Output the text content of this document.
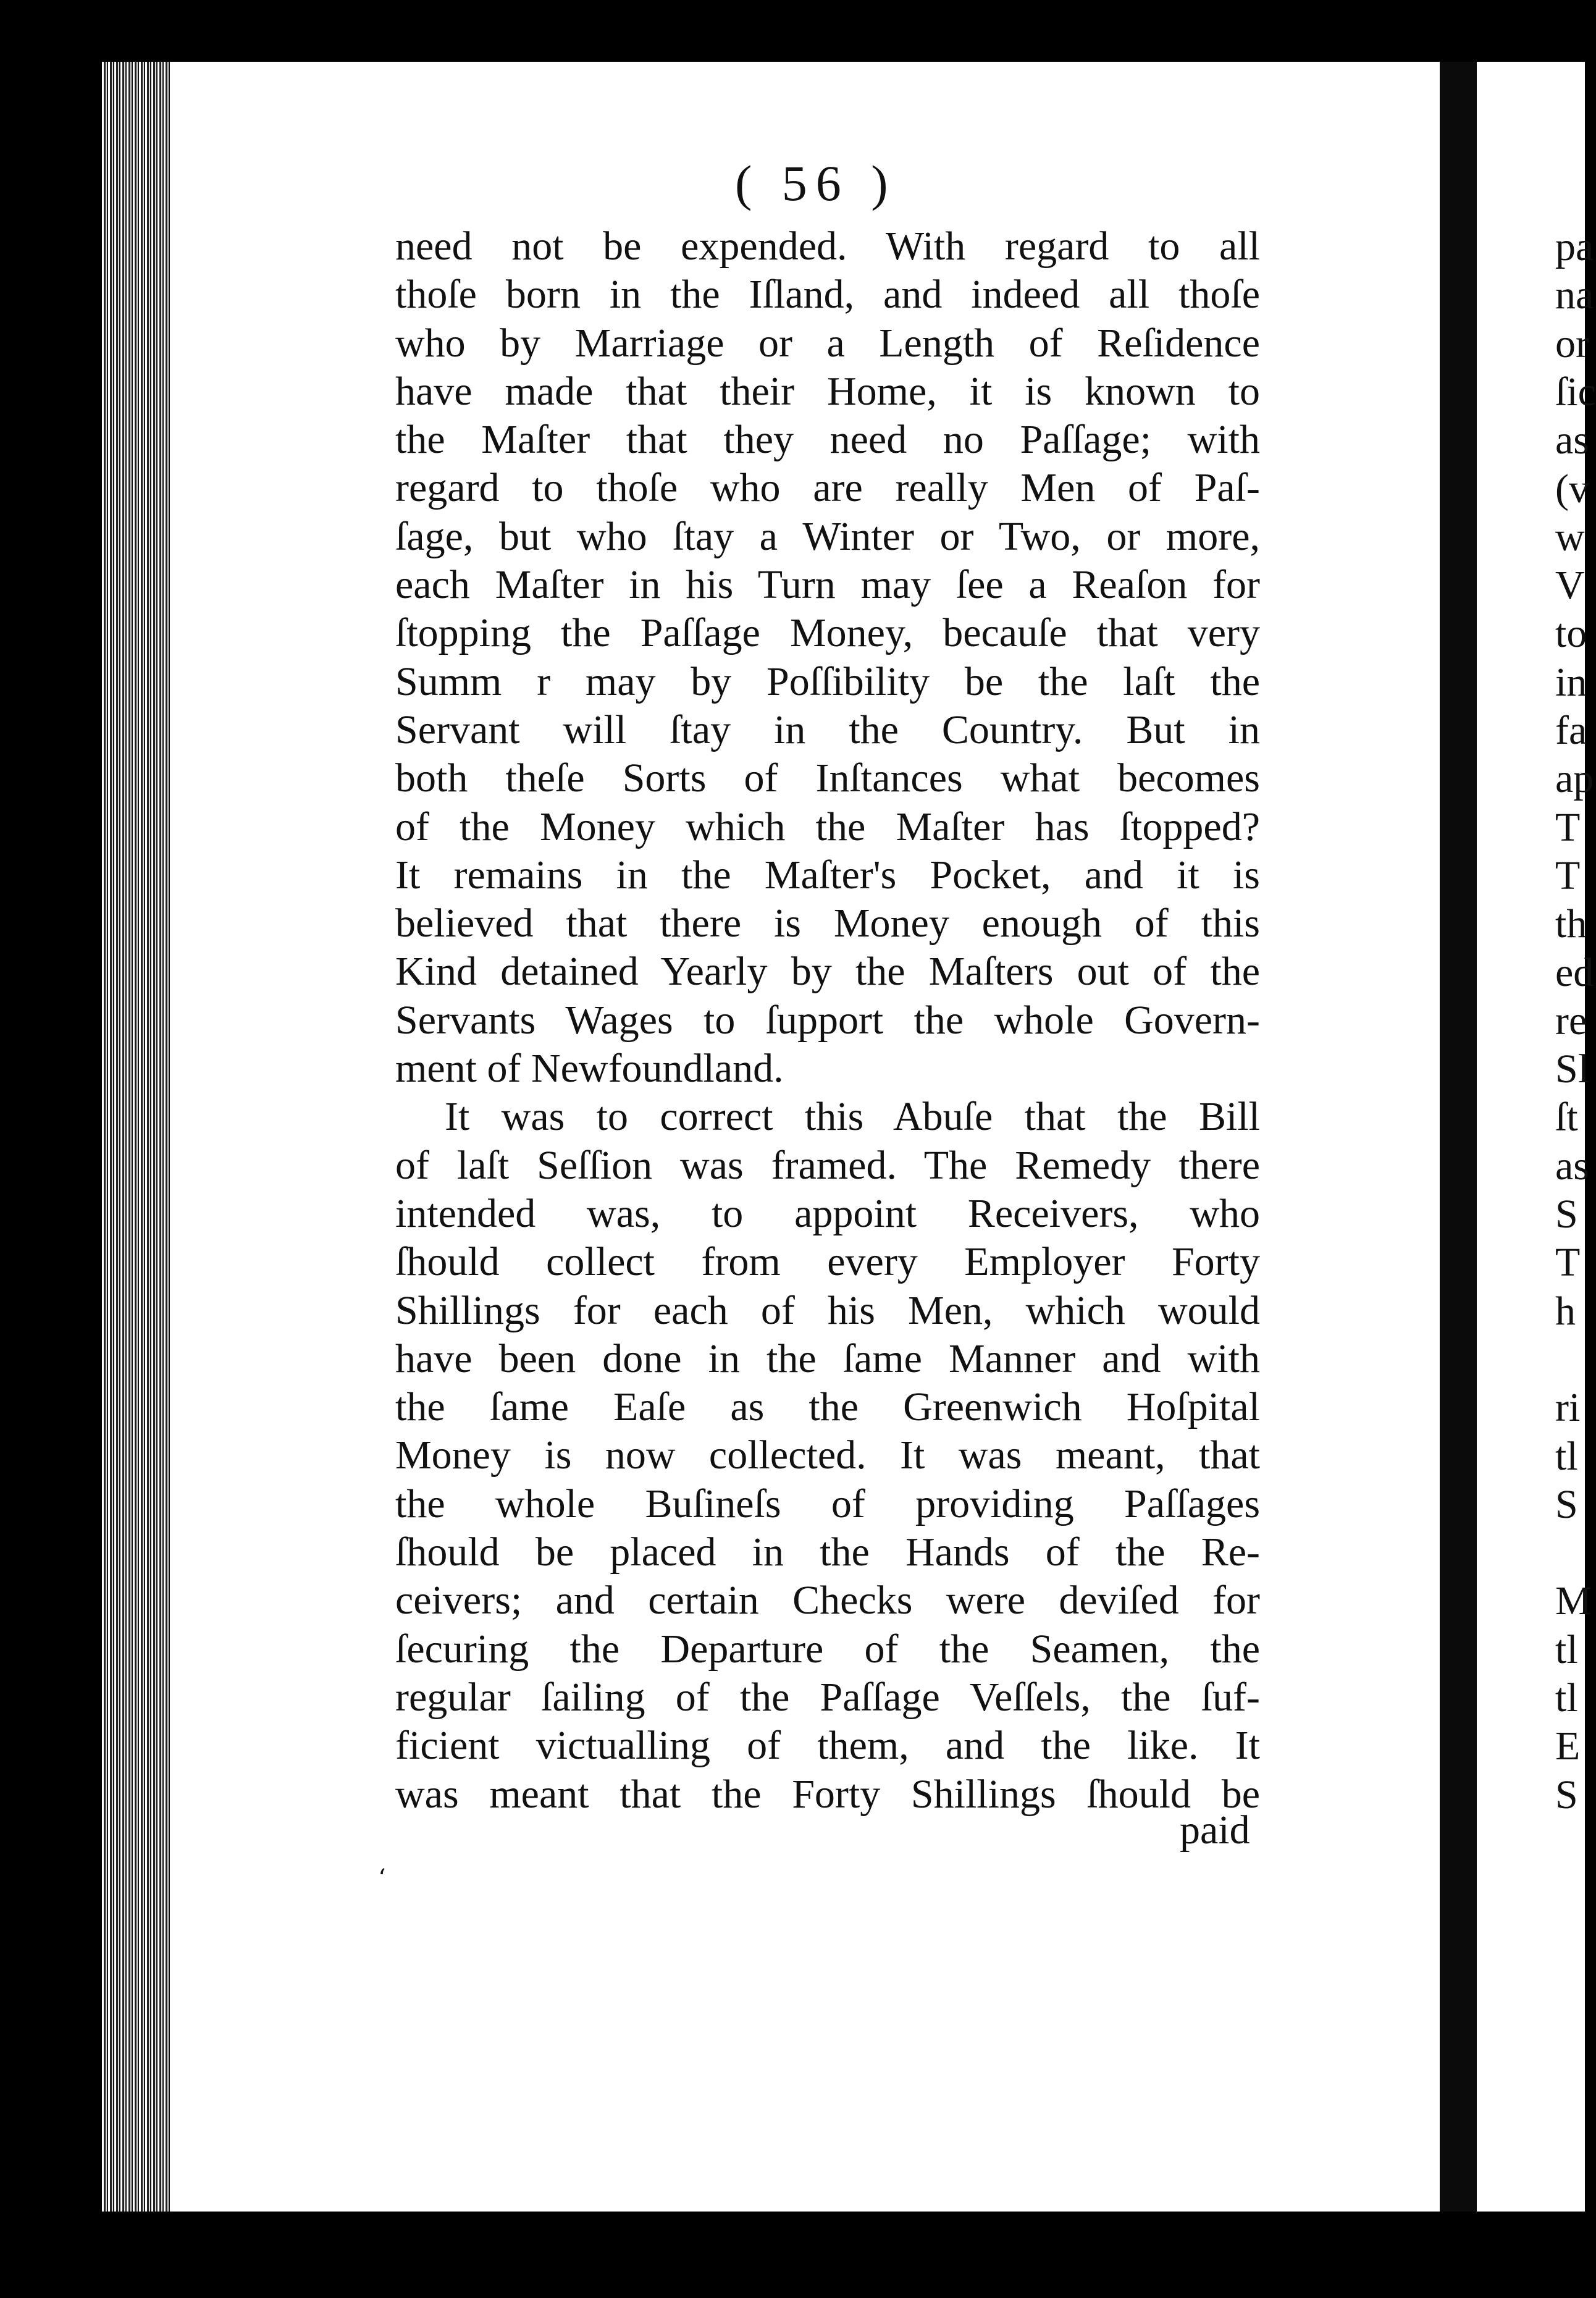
( 56 )
need not be expended. With regard to all
thoſe born in the Iſland, and indeed all thoſe
who by Marriage or a Length of Reſidence
have made that their Home, it is known to
the Maſter that they need no Paſſage; with
regard to thoſe who are really Men of Paſ-
ſage, but who ſtay a Winter or Two, or more,
each Maſter in his Turn may ſee a Reaſon for
ſtopping the Paſſage Money, becauſe that very
Summ r may by Poſſibility be the laſt the
Servant will ſtay in the Country. But in
both theſe Sorts of Inſtances what becomes
of the Money which the Maſter has ſtopped?
It remains in the Maſter's Pocket, and it is
believed that there is Money enough of this
Kind detained Yearly by the Maſters out of the
Servants Wages to ſupport the whole Govern-
ment of Newfoundland.
It was to correct this Abuſe that the Bill
of laſt Seſſion was framed. The Remedy there
intended was, to appoint Receivers, who
ſhould collect from every Employer Forty
Shillings for each of his Men, which would
have been done in the ſame Manner and with
the ſame Eaſe as the Greenwich Hoſpital
Money is now collected. It was meant, that
the whole Buſineſs of providing Paſſages
ſhould be placed in the Hands of the Re-
ceivers; and certain Checks were deviſed for
ſecuring the Departure of the Seamen, the
regular ſailing of the Paſſage Veſſels, the ſuf-
ficient victualling of them, and the like. It
was meant that the Forty Shillings ſhould be
paid
pa
na
or
ſic
as
(v
w
V
to
in
fa
ap
T
T
th
ed
re
Sl
ſt
as
S
T
h
ri
tl
S
M
tl
tl
E
S
ʻ
